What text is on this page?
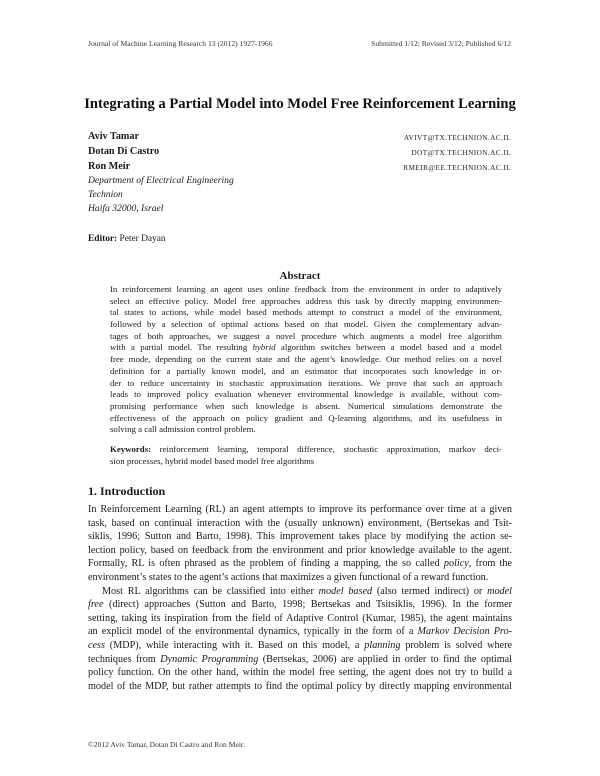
Journal of Machine Learning Research 13 (2012) 1927-1966	Submitted 1/12; Revised 3/12; Published 6/12
Integrating a Partial Model into Model Free Reinforcement Learning
Aviv Tamar	AVIVT@TX.TECHNION.AC.IL
Dotan Di Castro	DOT@TX.TECHNION.AC.IL
Ron Meir	RMEIR@EE.TECHNION.AC.IL
Department of Electrical Engineering
Technion
Haifa 32000, Israel
Editor: Peter Dayan
Abstract
In reinforcement learning an agent uses online feedback from the environment in order to adaptively
select an effective policy. Model free approaches address this task by directly mapping environmen-
tal states to actions, while model based methods attempt to construct a model of the environment,
followed by a selection of optimal actions based on that model. Given the complementary advan-
tages of both approaches, we suggest a novel procedure which augments a model free algorithm
with a partial model. The resulting hybrid algorithm switches between a model based and a model
free mode, depending on the current state and the agent’s knowledge. Our method relies on a novel
definition for a partially known model, and an estimator that incorporates such knowledge in or-
der to reduce uncertainty in stochastic approximation iterations. We prove that such an approach
leads to improved policy evaluation whenever environmental knowledge is available, without com-
promising performance when such knowledge is absent. Numerical simulations demonstrate the
effectiveness of the approach on policy gradient and Q-learning algorithms, and its usefulness in
solving a call admission control problem.
Keywords: reinforcement learning, temporal difference, stochastic approximation, markov deci-
sion processes, hybrid model based model free algorithms
1. Introduction
In Reinforcement Learning (RL) an agent attempts to improve its performance over time at a given
task, based on continual interaction with the (usually unknown) environment, (Bertsekas and Tsit-
siklis, 1996; Sutton and Barto, 1998). This improvement takes place by modifying the action se-
lection policy, based on feedback from the environment and prior knowledge available to the agent.
Formally, RL is often phrased as the problem of finding a mapping, the so called policy, from the
environment’s states to the agent’s actions that maximizes a given functional of a reward function.
Most RL algorithms can be classified into either model based (also termed indirect) or model
free (direct) approaches (Sutton and Barto, 1998; Bertsekas and Tsitsiklis, 1996). In the former
setting, taking its inspiration from the field of Adaptive Control (Kumar, 1985), the agent maintains
an explicit model of the environmental dynamics, typically in the form of a Markov Decision Pro-
cess (MDP), while interacting with it. Based on this model, a planning problem is solved where
techniques from Dynamic Programming (Bertsekas, 2006) are applied in order to find the optimal
policy function. On the other hand, within the model free setting, the agent does not try to build a
model of the MDP, but rather attempts to find the optimal policy by directly mapping environmental
©2012 Aviv Tamar, Dotan Di Castro and Ron Meir.
